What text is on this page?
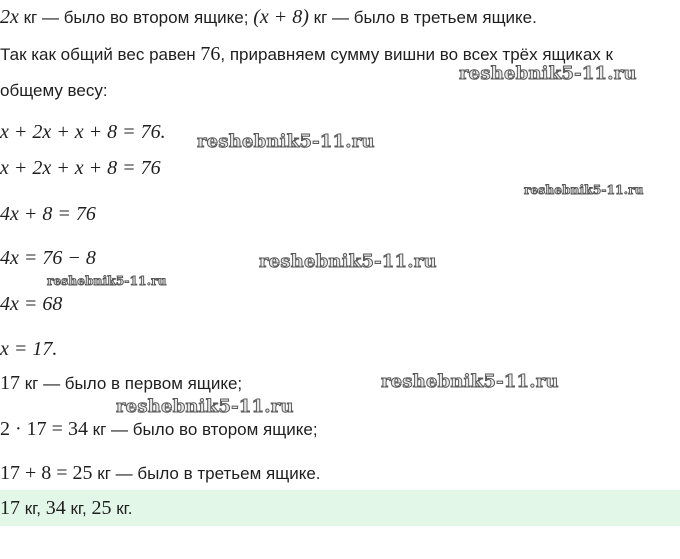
2x кг — было во втором ящике; (x + 8) кг — было в третьем ящике.
Так как общий вес равен 76, приравняем сумму вишни во всех трёх ящиках к
общему весу:
x + 2x + x + 8 = 76.
x + 2x + x + 8 = 76
4x + 8 = 76
4x = 76 − 8
4x = 68
x = 17.
17 кг — было в первом ящике;
2 · 17 = 34 кг — было во втором ящике;
17 + 8 = 25 кг — было в третьем ящике.
17 кг, 34 кг, 25 кг.
reshebnik5-11.ru
reshebnik5-11.ru
reshebnik5-11.ru
reshebnik5-11.ru
reshebnik5-11.ru
reshebnik5-11.ru
reshebnik5-11.ru
